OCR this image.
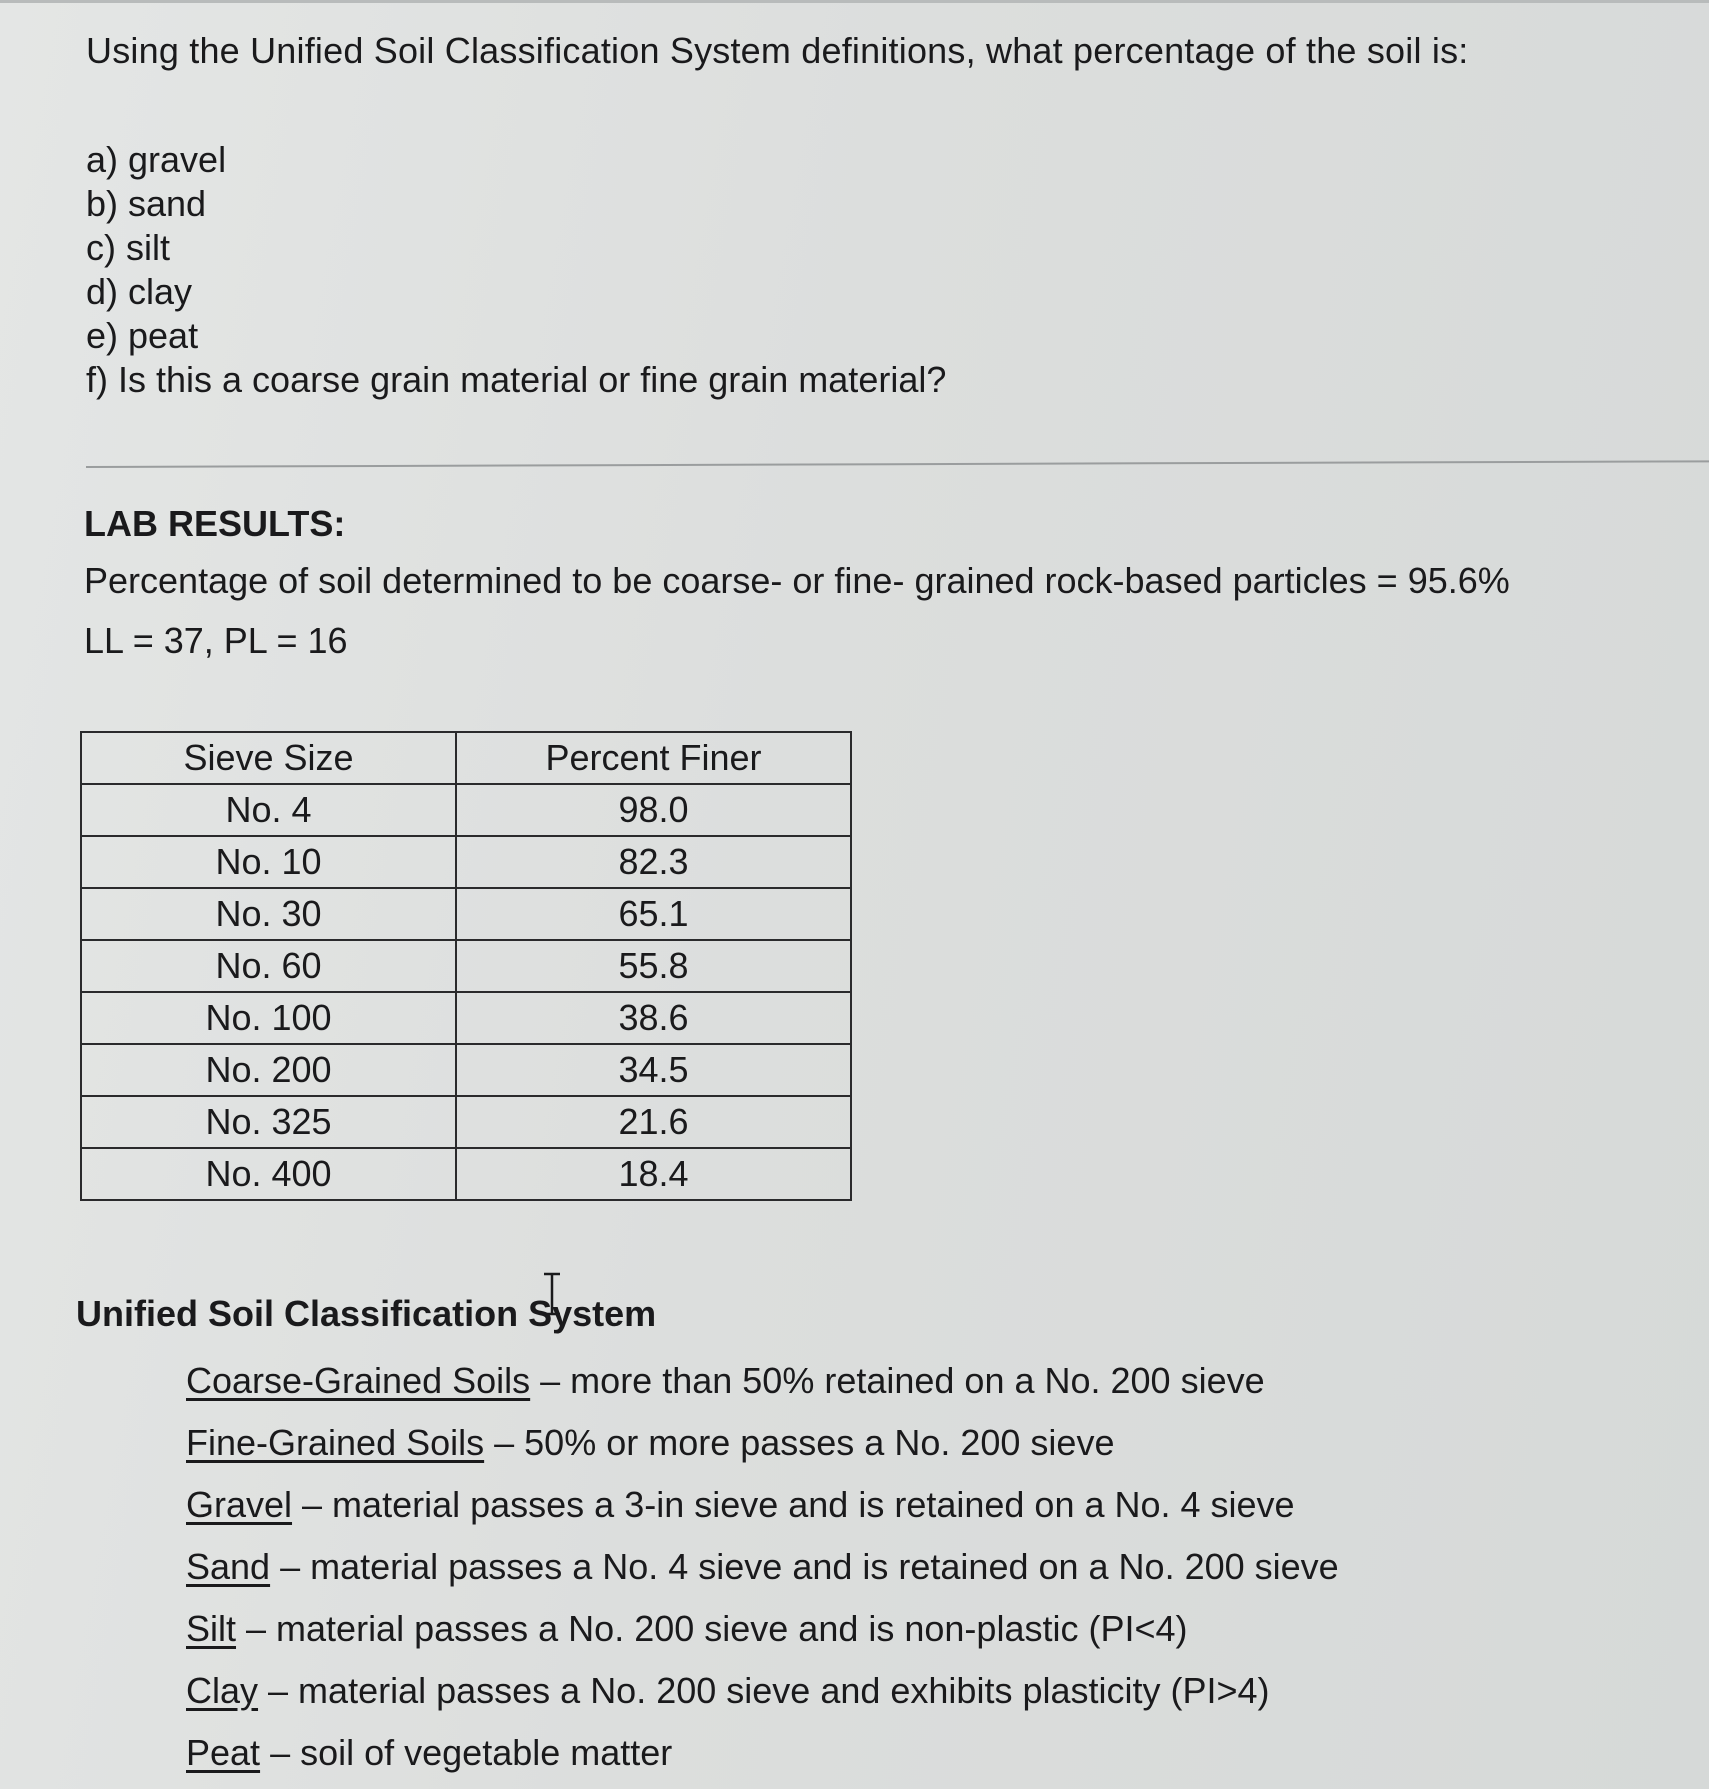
Using the Unified Soil Classification System definitions, what percentage of the soil is:
a) gravel
b) sand
c) silt
d) clay
e) peat
f) Is this a coarse grain material or fine grain material?
LAB RESULTS:
Percentage of soil determined to be coarse- or fine- grained rock-based particles = 95.6%
LL = 37, PL = 16
Sieve Size	Percent Finer
No. 4	98.0
No. 10	82.3
No. 30	65.1
No. 60	55.8
No. 100	38.6
No. 200	34.5
No. 325	21.6
No. 400	18.4
Unified Soil Classification System
Coarse-Grained Soils – more than 50% retained on a No. 200 sieve
Fine-Grained Soils – 50% or more passes a No. 200 sieve
Gravel – material passes a 3-in sieve and is retained on a No. 4 sieve
Sand – material passes a No. 4 sieve and is retained on a No. 200 sieve
Silt – material passes a No. 200 sieve and is non-plastic (PI<4)
Clay – material passes a No. 200 sieve and exhibits plasticity (PI>4)
Peat – soil of vegetable matter
